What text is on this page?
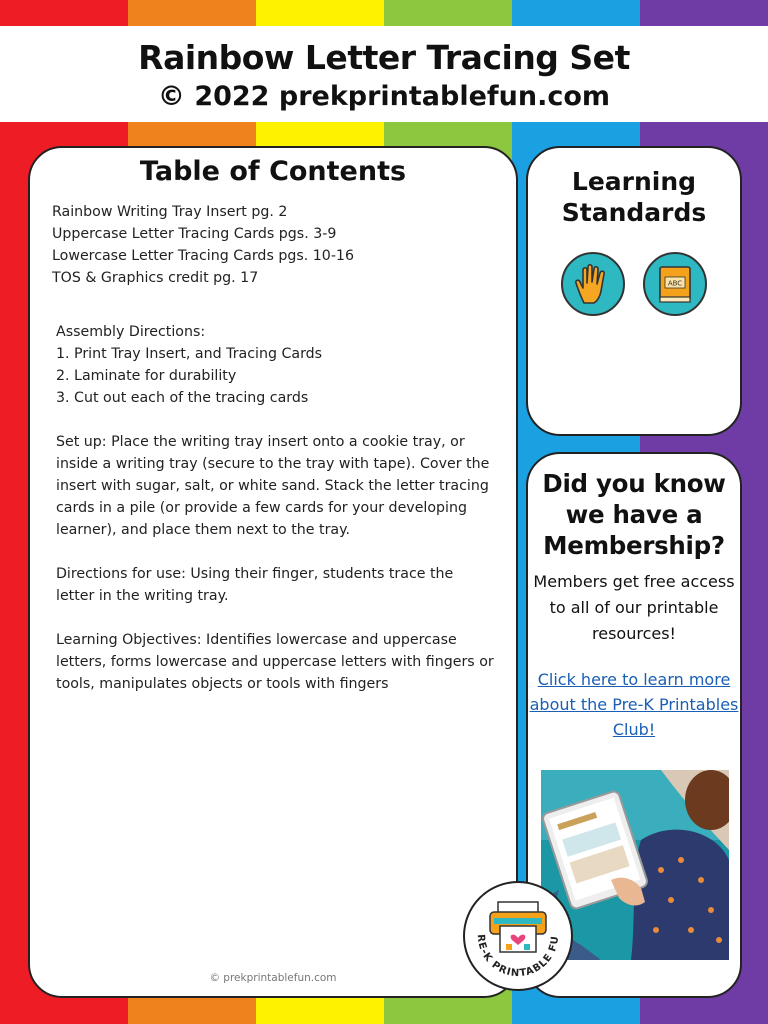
Rainbow Letter Tracing Set
© 2022 prekprintablefun.com
Table of Contents
Rainbow Writing Tray Insert pg. 2
Uppercase Letter Tracing Cards pgs. 3-9
Lowercase Letter Tracing Cards pgs. 10-16
TOS & Graphics credit pg. 17
Assembly Directions:
1. Print Tray Insert, and Tracing Cards
2. Laminate for durability
3. Cut out each of the tracing cards
Set up: Place the writing tray insert onto a cookie tray, or inside a writing tray (secure to the tray with tape). Cover the insert with sugar, salt, or white sand. Stack the letter tracing cards in a pile (or provide a few cards for your developing learner), and place them next to the tray.
Directions for use: Using their finger, students trace the letter in the writing tray.
Learning Objectives: Identifies lowercase and uppercase letters, forms lowercase and uppercase letters with fingers or tools, manipulates objects or tools with fingers
© prekprintablefun.com
Learning Standards
ABC
Did you know we have a Membership?
Members get free access to all of our printable resources!
Click here to learn more about the Pre-K Printables Club!
RE-K PRINTABLE FU
